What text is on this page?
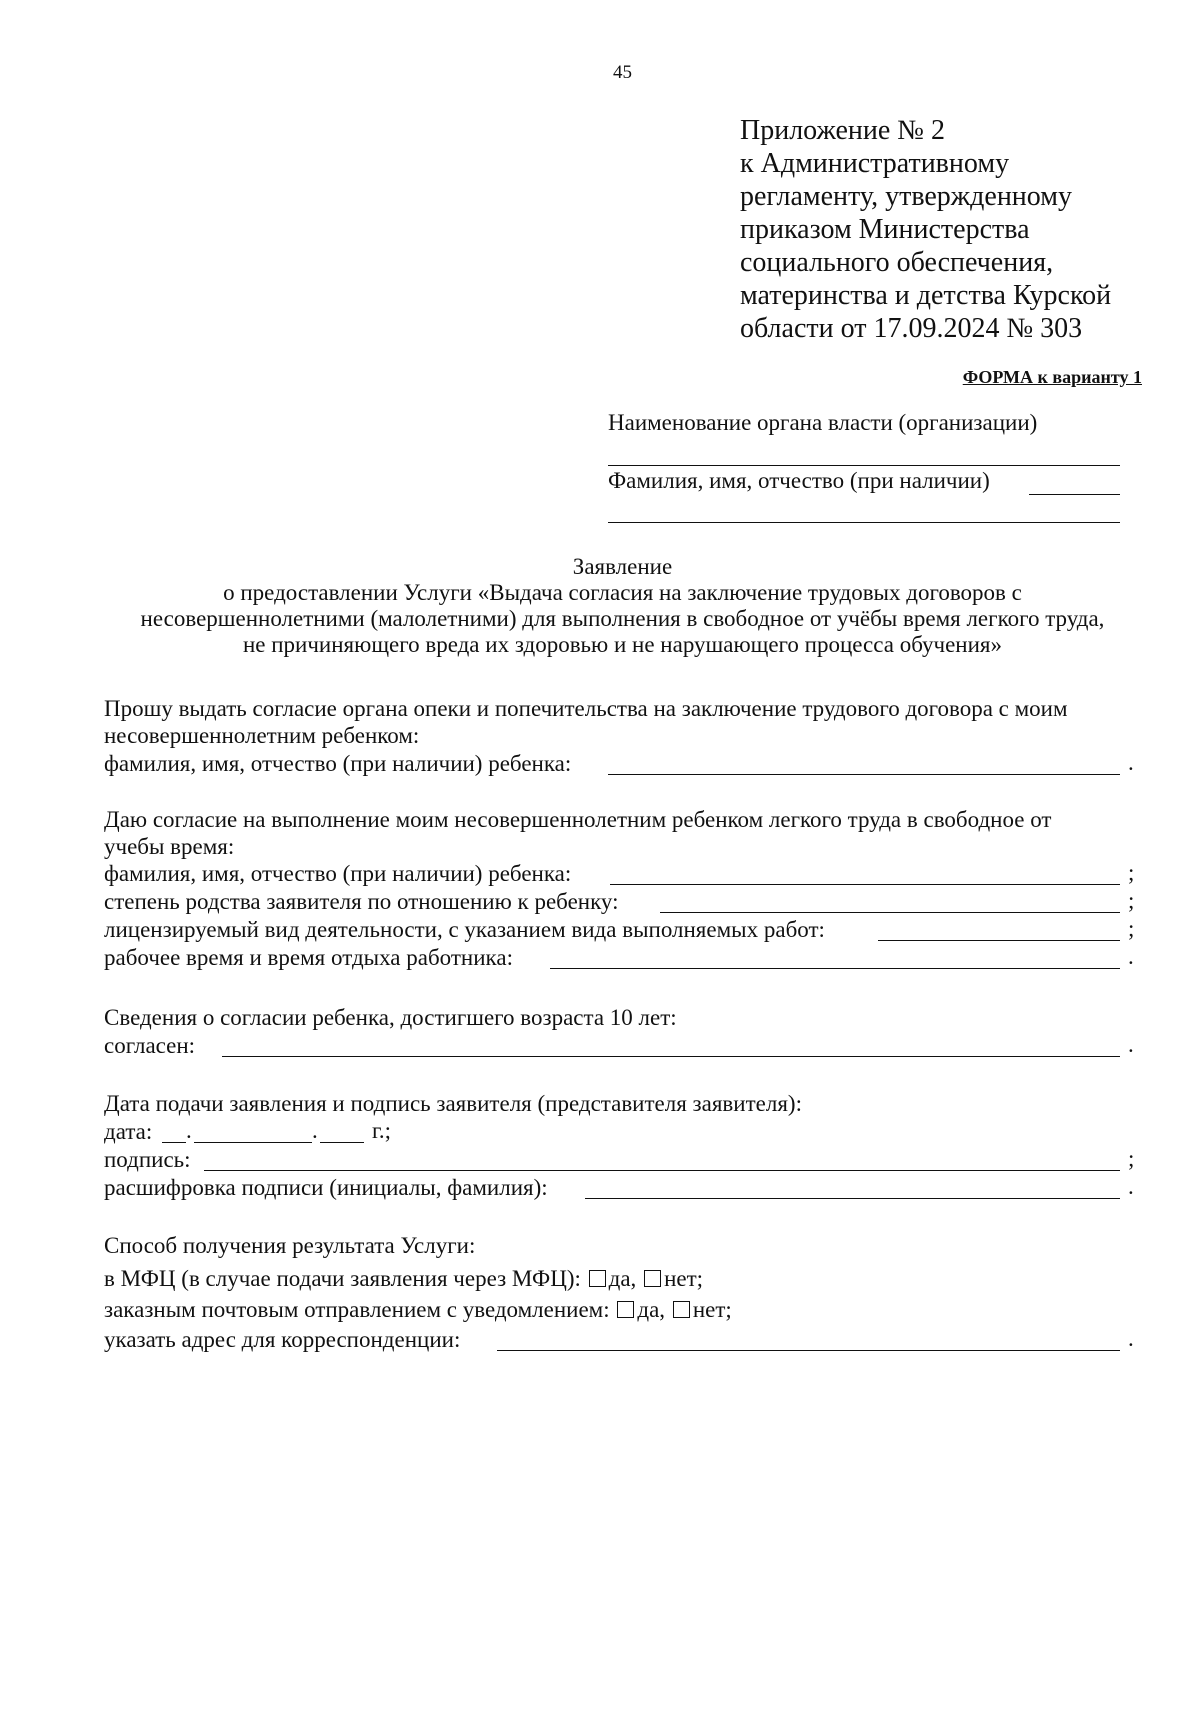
45
Приложение № 2
к Административному
регламенту, утвержденному
приказом Министерства
социального обеспечения,
материнства и детства Курской
области от 17.09.2024 № 303
ФОРМА к варианту 1
Наименование органа власти (организации)
Фамилия, имя, отчество (при наличии)
Заявление
о предоставлении Услуги «Выдача согласия на заключение трудовых договоров с
несовершеннолетними (малолетними) для выполнения в свободное от учёбы время легкого труда,
не причиняющего вреда их здоровью и не нарушающего процесса обучения»
Прошу выдать согласие органа опеки и попечительства на заключение трудового договора с моим
несовершеннолетним ребенком:
фамилия, имя, отчество (при наличии) ребенка:	.
Даю согласие на выполнение моим несовершеннолетним ребенком легкого труда в свободное от
учебы время:
фамилия, имя, отчество (при наличии) ребенка:	;
степень родства заявителя по отношению к ребенку:	;
лицензируемый вид деятельности, с указанием вида выполняемых работ:	;
рабочее время и время отдыха работника:	.
Сведения о согласии ребенка, достигшего возраста 10 лет:
согласен:	.
Дата подачи заявления и подпись заявителя (представителя заявителя):
дата: .	. г.;
подпись:	;
расшифровка подписи (инициалы, фамилия):	.
Способ получения результата Услуги:
в МФЦ (в случае подачи заявления через МФЦ): да, нет;
заказным почтовым отправлением с уведомлением: да, нет;
указать адрес для корреспонденции:	.
